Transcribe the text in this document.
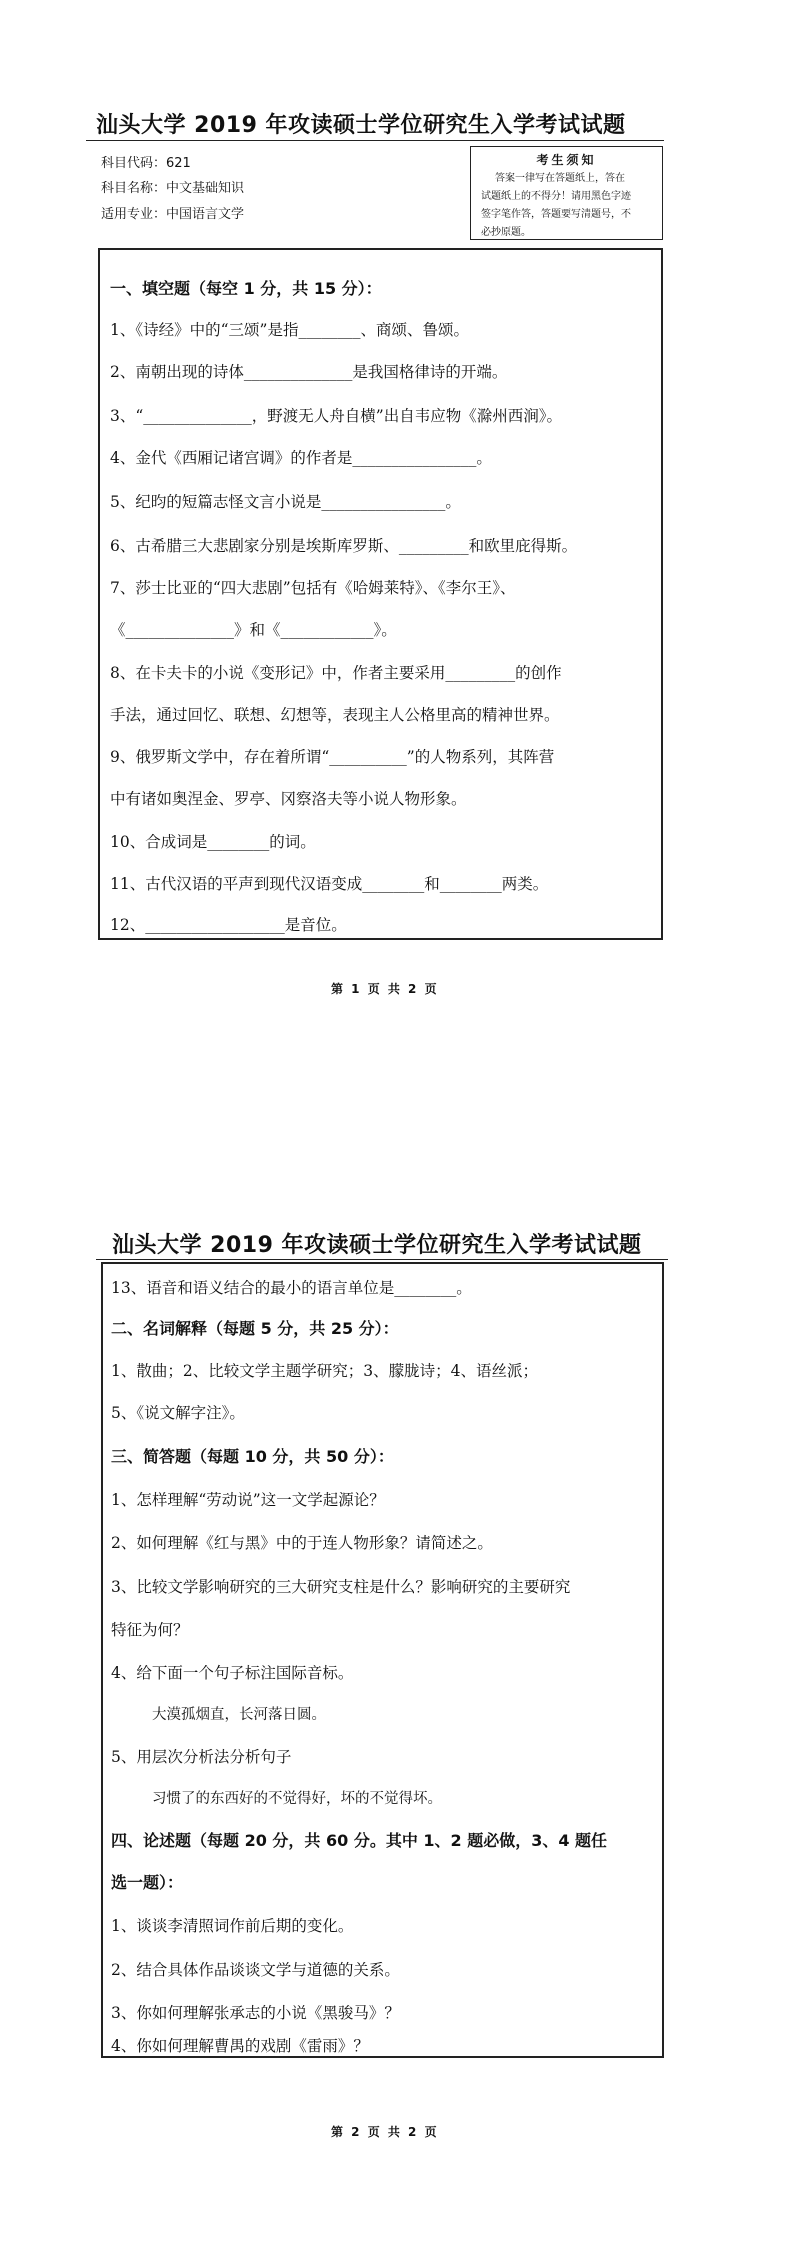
汕头大学 2019 年攻读硕士学位研究生入学考试试题
科目代码：621
科目名称：中文基础知识
适用专业：中国语言文学
考生须知
答案一律写在答题纸上，答在
试题纸上的不得分！请用黑色字迹
签字笔作答，答题要写清题号，不
必抄原题。
一、填空题（每空 1 分，共 15 分）：
1、《诗经》中的“三颂”是指________、商颂、鲁颂。
2、南朝出现的诗体______________是我国格律诗的开端。
3、“______________，野渡无人舟自横”出自韦应物《滁州西涧》。
4、金代《西厢记诸宫调》的作者是________________。
5、纪昀的短篇志怪文言小说是________________。
6、古希腊三大悲剧家分别是埃斯库罗斯、_________和欧里庇得斯。
7、莎士比亚的“四大悲剧”包括有《哈姆莱特》、《李尔王》、
《______________》和《____________》。
8、在卡夫卡的小说《变形记》中，作者主要采用_________的创作
手法，通过回忆、联想、幻想等，表现主人公格里高的精神世界。
9、俄罗斯文学中，存在着所谓“__________”的人物系列，其阵营
中有诸如奥涅金、罗亭、冈察洛夫等小说人物形象。
10、合成词是________的词。
11、古代汉语的平声到现代汉语变成________和________两类。
12、__________________是音位。
第 1 页 共 2 页
汕头大学 2019 年攻读硕士学位研究生入学考试试题
13、语音和语义结合的最小的语言单位是________。
二、名词解释（每题 5 分，共 25 分）：
1、散曲；2、比较文学主题学研究；3、朦胧诗；4、语丝派；
5、《说文解字注》。
三、简答题（每题 10 分，共 50 分）：
1、怎样理解“劳动说”这一文学起源论？
2、如何理解《红与黑》中的于连人物形象？请简述之。
3、比较文学影响研究的三大研究支柱是什么？影响研究的主要研究
特征为何？
4、给下面一个句子标注国际音标。
大漠孤烟直，长河落日圆。
5、用层次分析法分析句子
习惯了的东西好的不觉得好，坏的不觉得坏。
四、论述题（每题 20 分，共 60 分。其中 1、2 题必做，3、4 题任
选一题）：
1、谈谈李清照词作前后期的变化。
2、结合具体作品谈谈文学与道德的关系。
3、你如何理解张承志的小说《黑骏马》？
4、你如何理解曹禺的戏剧《雷雨》？
第 2 页 共 2 页
